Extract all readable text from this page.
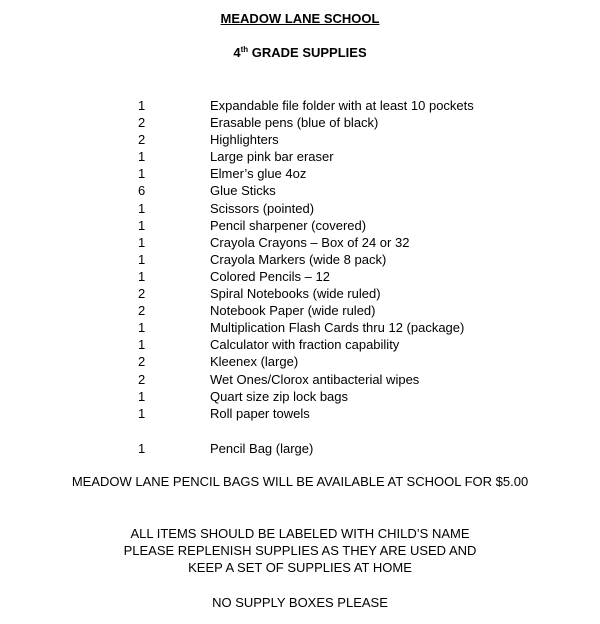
MEADOW LANE SCHOOL
4th GRADE SUPPLIES
1	Expandable file folder with at least 10 pockets
2	Erasable pens (blue of black)
2	Highlighters
1	Large pink bar eraser
1	Elmer’s glue 4oz
6	Glue Sticks
1	Scissors (pointed)
1	Pencil sharpener (covered)
1	Crayola Crayons – Box of 24 or 32
1	Crayola Markers (wide 8 pack)
1	Colored Pencils – 12
2	Spiral Notebooks (wide ruled)
2	Notebook Paper (wide ruled)
1	Multiplication Flash Cards thru 12 (package)
1	Calculator with fraction capability
2	Kleenex (large)
2	Wet Ones/Clorox antibacterial wipes
1	Quart size zip lock bags
1	Roll paper towels
1	Pencil Bag (large)
MEADOW LANE PENCIL BAGS WILL BE AVAILABLE AT SCHOOL FOR $5.00
ALL ITEMS SHOULD BE LABELED WITH CHILD’S NAME
PLEASE REPLENISH SUPPLIES AS THEY ARE USED AND
KEEP A SET OF SUPPLIES AT HOME
NO SUPPLY BOXES PLEASE
